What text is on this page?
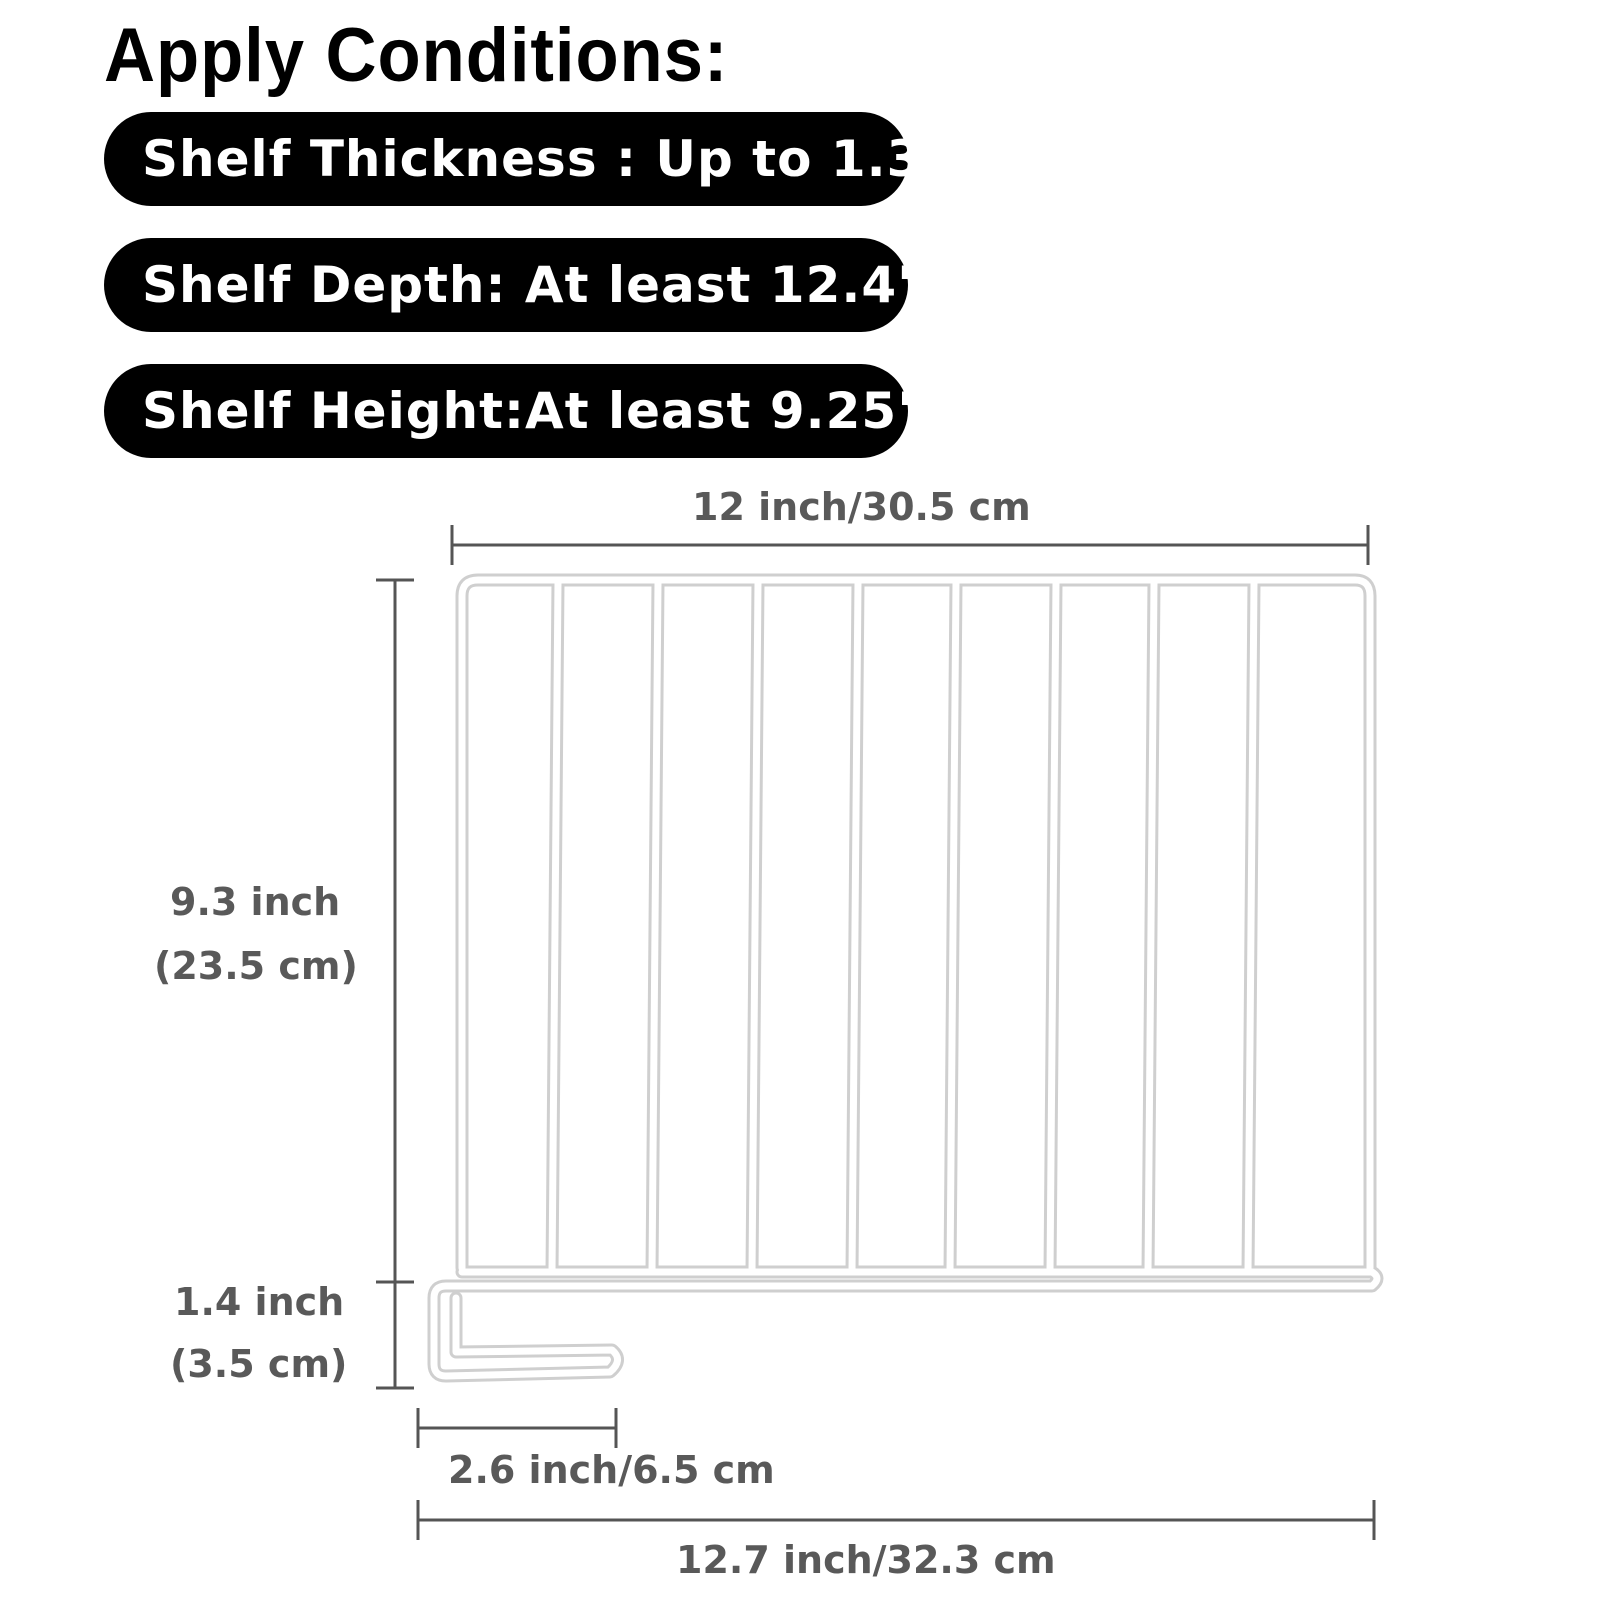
Apply Conditions:
Shelf Thickness : Up to 1.38"
Shelf Depth: At least 12.4"
Shelf Height:At least 9.25"
12 inch/30.5 cm
9.3 inch
(23.5 cm)
1.4 inch
(3.5 cm)
2.6 inch/6.5 cm
12.7 inch/32.3 cm
